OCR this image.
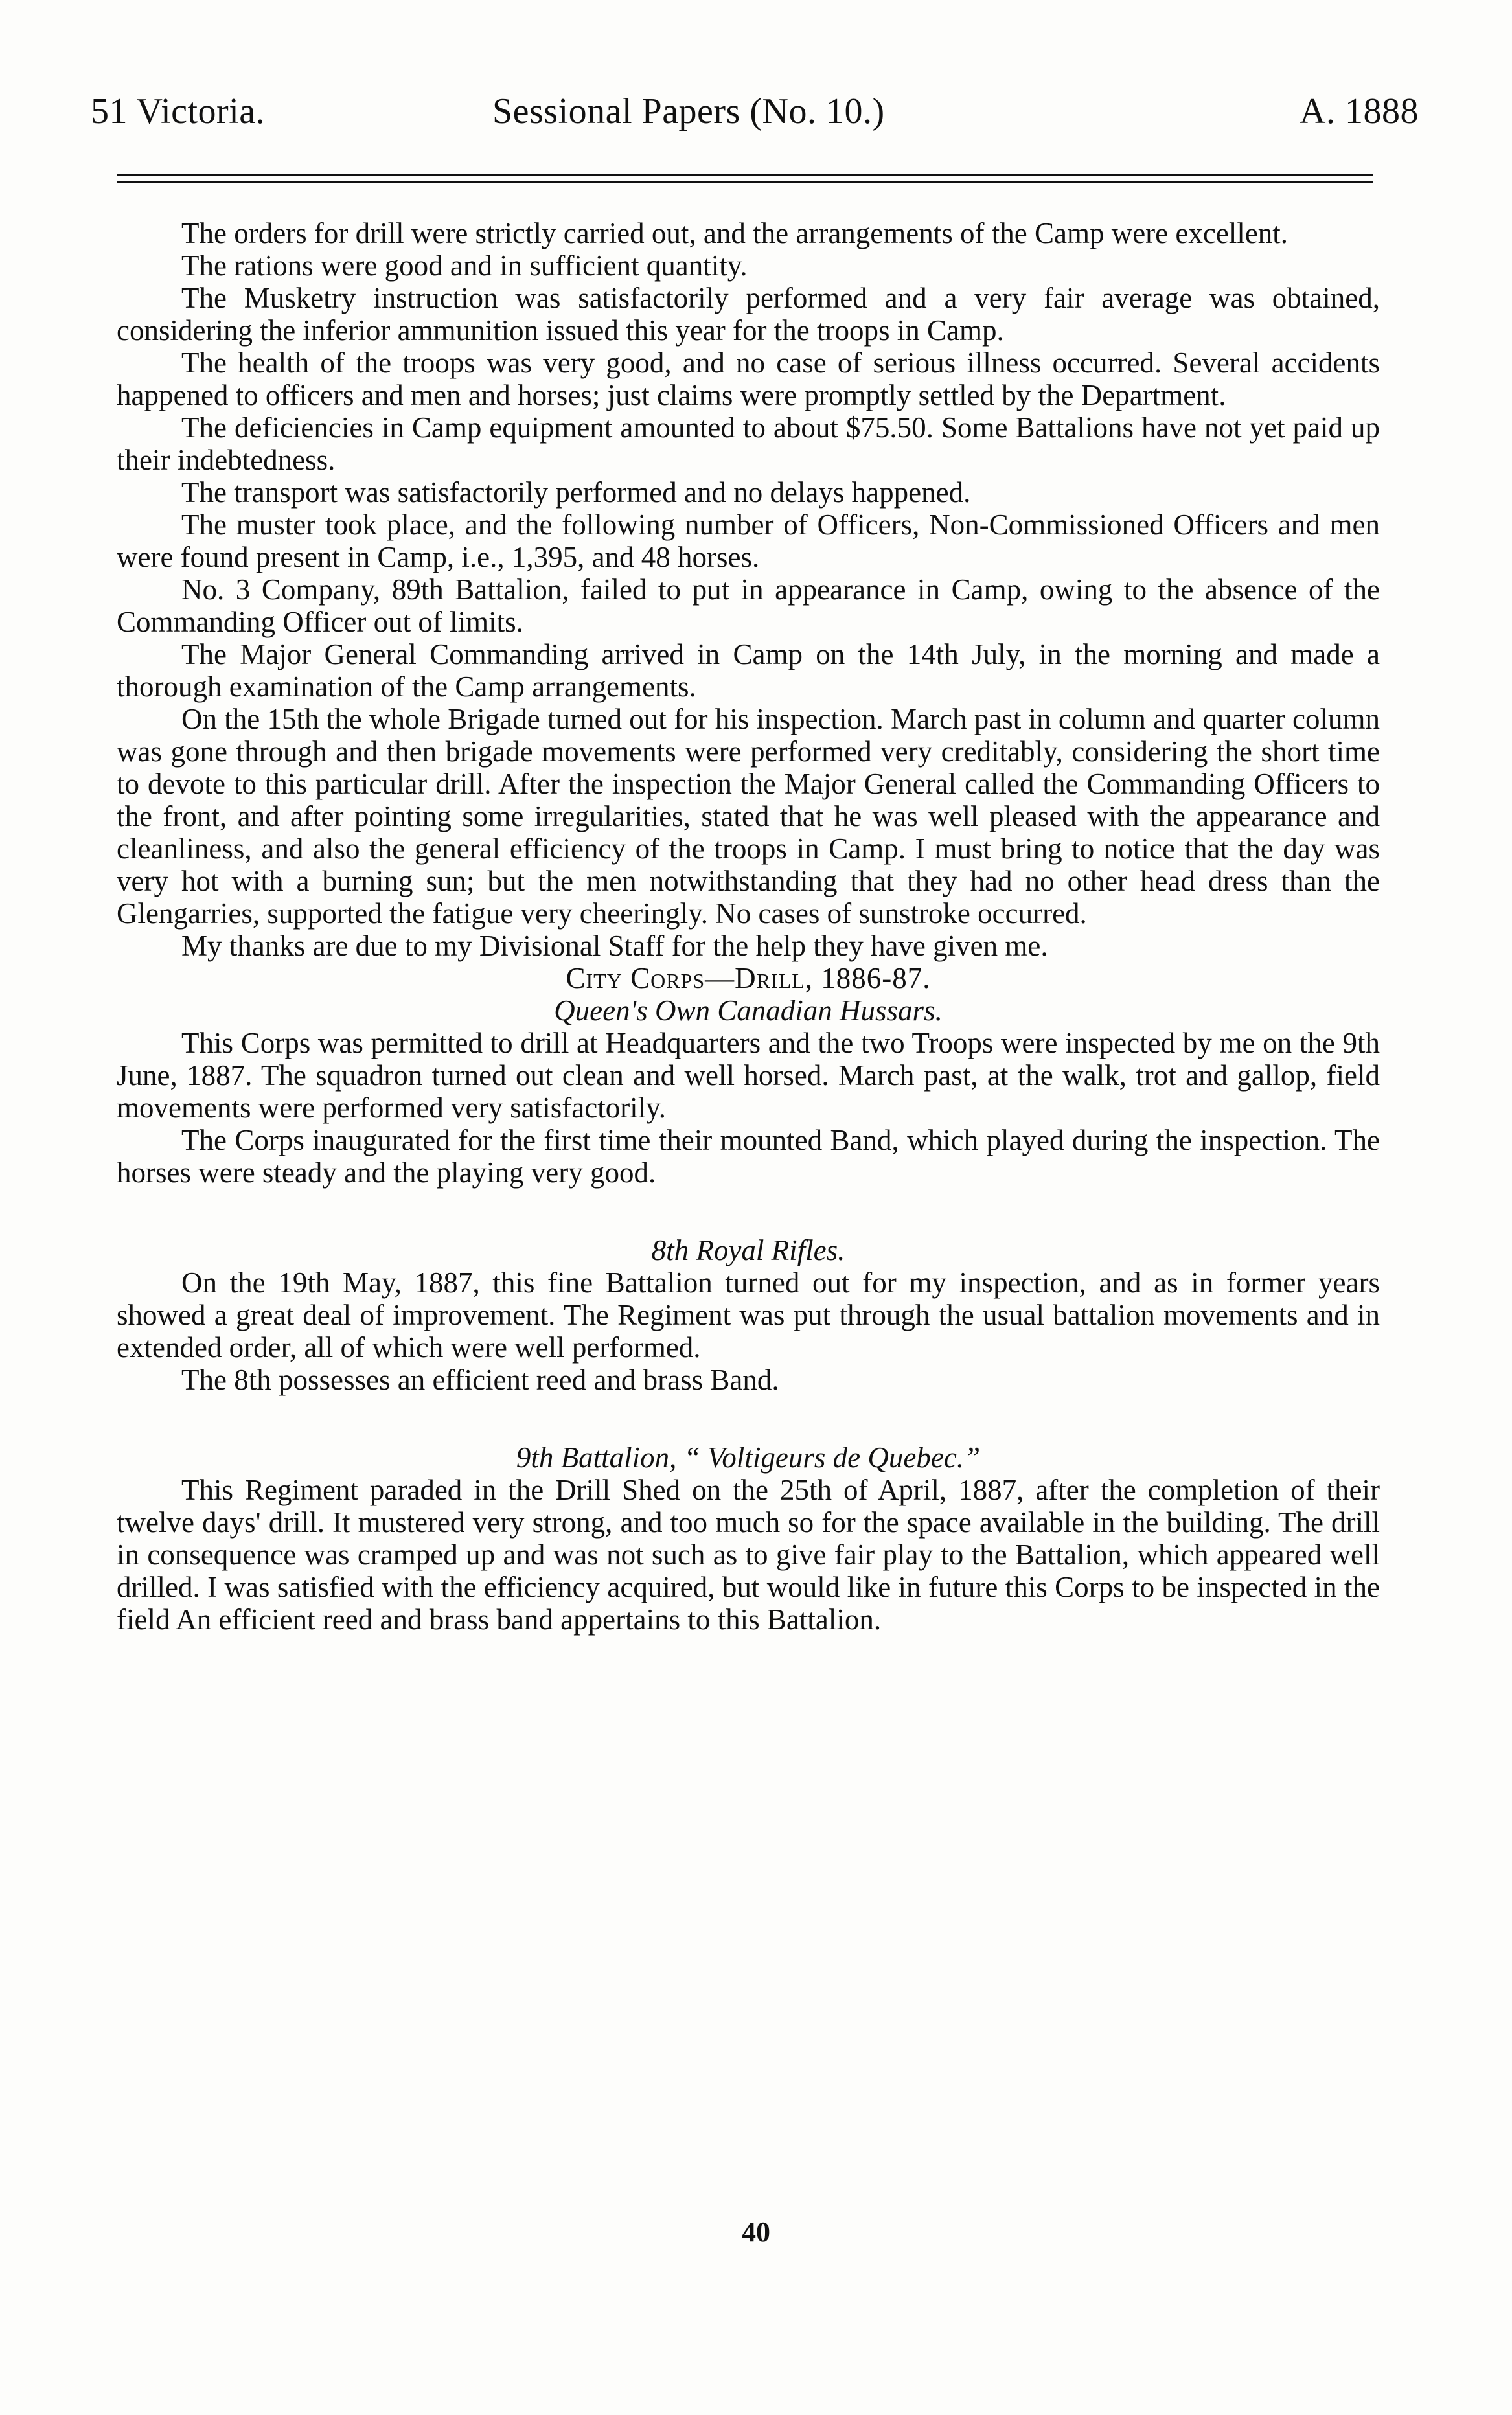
51 Victoria.	Sessional Papers (No. 10.)	A. 1888

The orders for drill were strictly carried out, and the arrangements of the Camp were excellent.

The rations were good and in sufficient quantity.

The Musketry instruction was satisfactorily performed and a very fair average was obtained, considering the inferior ammunition issued this year for the troops in Camp.

The health of the troops was very good, and no case of serious illness occurred. Several accidents happened to officers and men and horses; just claims were promptly settled by the Department.

The deficiencies in Camp equipment amounted to about $75.50. Some Battalions have not yet paid up their indebtedness.

The transport was satisfactorily performed and no delays happened.

The muster took place, and the following number of Officers, Non-Commissioned Officers and men were found present in Camp, i.e., 1,395, and 48 horses.

No. 3 Company, 89th Battalion, failed to put in appearance in Camp, owing to the absence of the Commanding Officer out of limits.

The Major General Commanding arrived in Camp on the 14th July, in the morning and made a thorough examination of the Camp arrangements.

On the 15th the whole Brigade turned out for his inspection. March past in column and quarter column was gone through and then brigade movements were performed very creditably, considering the short time to devote to this particular drill. After the inspection the Major General called the Commanding Officers to the front, and after pointing some irregularities, stated that he was well pleased with the appearance and cleanliness, and also the general efficiency of the troops in Camp. I must bring to notice that the day was very hot with a burning sun; but the men notwithstanding that they had no other head dress than the Glengarries, supported the fatigue very cheeringly. No cases of sunstroke occurred.

My thanks are due to my Divisional Staff for the help they have given me.

City Corps—Drill, 1886-87.

Queen's Own Canadian Hussars.

This Corps was permitted to drill at Headquarters and the two Troops were inspected by me on the 9th June, 1887. The squadron turned out clean and well horsed. March past, at the walk, trot and gallop, field movements were performed very satisfactorily.

The Corps inaugurated for the first time their mounted Band, which played during the inspection. The horses were steady and the playing very good.

8th Royal Rifles.

On the 19th May, 1887, this fine Battalion turned out for my inspection, and as in former years showed a great deal of improvement. The Regiment was put through the usual battalion movements and in extended order, all of which were well performed.

The 8th possesses an efficient reed and brass Band.

9th Battalion, “ Voltigeurs de Quebec.”

This Regiment paraded in the Drill Shed on the 25th of April, 1887, after the completion of their twelve days' drill. It mustered very strong, and too much so for the space available in the building. The drill in consequence was cramped up and was not such as to give fair play to the Battalion, which appeared well drilled. I was satisfied with the efficiency acquired, but would like in future this Corps to be inspected in the field An efficient reed and brass band appertains to this Battalion.

40
